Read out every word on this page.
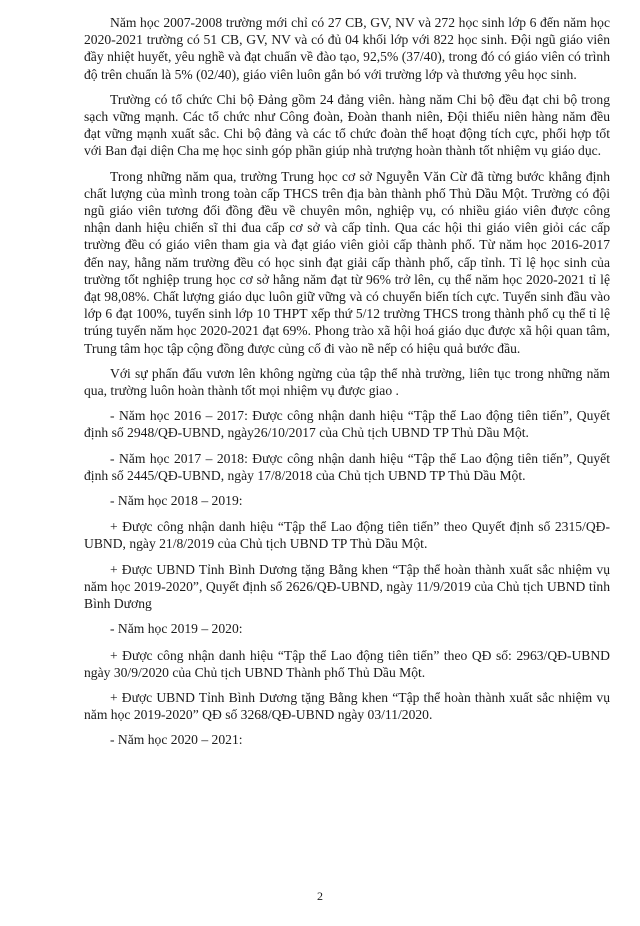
Năm học 2007-2008 trường mới chỉ có 27 CB, GV, NV và 272 học sinh lớp 6 đến năm học 2020-2021 trường có 51 CB, GV, NV và có đủ 04 khối lớp với 822 học sinh. Đội ngũ giáo viên đầy nhiệt huyết, yêu nghề và đạt chuẩn về đào tạo, 92,5% (37/40), trong đó có giáo viên có trình độ trên chuẩn là 5% (02/40), giáo viên luôn gắn bó với trường lớp và thương yêu học sinh.

Trường có tổ chức Chi bộ Đảng gồm 24 đảng viên. hàng năm Chi bộ đều đạt chi bộ trong sạch vững mạnh. Các tổ chức như Công đoàn, Đoàn thanh niên, Đội thiếu niên hàng năm đều đạt vững mạnh xuất sắc. Chi bộ đảng và các tổ chức đoàn thể hoạt động tích cực, phối hợp tốt với Ban đại diện Cha mẹ học sinh góp phần giúp nhà trượng hoàn thành tốt nhiệm vụ giáo dục.

Trong những năm qua, trường Trung học cơ sở Nguyễn Văn Cừ đã từng bước khẳng định chất lượng của mình trong toàn cấp THCS trên địa bàn thành phố Thủ Dầu Một. Trường có đội ngũ giáo viên tương đối đồng đều về chuyên môn, nghiệp vụ, có nhiều giáo viên được công nhận danh hiệu chiến sĩ thi đua cấp cơ sở và cấp tỉnh. Qua các hội thi giáo viên giỏi các cấp trường đều có giáo viên tham gia và đạt giáo viên giỏi cấp thành phố. Từ năm học 2016-2017 đến nay, hằng năm trường đều có học sinh đạt giải cấp thành phố, cấp tỉnh. Tỉ lệ học sinh của trường tốt nghiệp trung học cơ sở hằng năm đạt từ 96% trở lên, cụ thể năm học 2020-2021 tỉ lệ đạt 98,08%. Chất lượng giáo dục luôn giữ vững và có chuyển biến tích cực. Tuyển sinh đầu vào lớp 6 đạt 100%, tuyển sinh lớp 10 THPT xếp thứ 5/12 trường THCS trong thành phố cụ thể tỉ lệ trúng tuyển năm học 2020-2021 đạt 69%. Phong trào xã hội hoá giáo dục được xã hội quan tâm, Trung tâm học tập cộng đồng được củng cố đi vào nề nếp có hiệu quả bước đầu.

Với sự phấn đấu vươn lên không ngừng của tập thể nhà trường, liên tục trong những năm qua, trường luôn hoàn thành tốt mọi nhiệm vụ được giao .

- Năm học 2016 – 2017: Được công nhận danh hiệu “Tập thể Lao động tiên tiến”, Quyết định số 2948/QĐ-UBND, ngày26/10/2017 của Chủ tịch UBND TP Thủ Dầu Một.

- Năm học 2017 – 2018: Được công nhận danh hiệu “Tập thể Lao động tiên tiến”, Quyết định số 2445/QĐ-UBND, ngày 17/8/2018 của Chủ tịch UBND TP Thủ Dầu Một.

- Năm học 2018 – 2019:

+ Được công nhận danh hiệu “Tập thể Lao động tiên tiến” theo Quyết định số 2315/QĐ-UBND, ngày 21/8/2019 của Chủ tịch UBND TP Thủ Dầu Một.

+ Được UBND Tỉnh Bình Dương tặng Bằng khen “Tập thể hoàn thành xuất sắc nhiệm vụ năm học 2019-2020”, Quyết định số 2626/QĐ-UBND, ngày 11/9/2019 của Chủ tịch UBND tỉnh Bình Dương

- Năm học 2019 – 2020:

+ Được công nhận danh hiệu “Tập thể Lao động tiên tiến” theo QĐ số: 2963/QĐ-UBND ngày 30/9/2020 của Chủ tịch UBND Thành phố Thủ Dầu Một.

+ Được UBND Tỉnh Bình Dương tặng Bằng khen “Tập thể hoàn thành xuất sắc nhiệm vụ năm học 2019-2020” QĐ số 3268/QĐ-UBND ngày 03/11/2020.

- Năm học 2020 – 2021:

2
